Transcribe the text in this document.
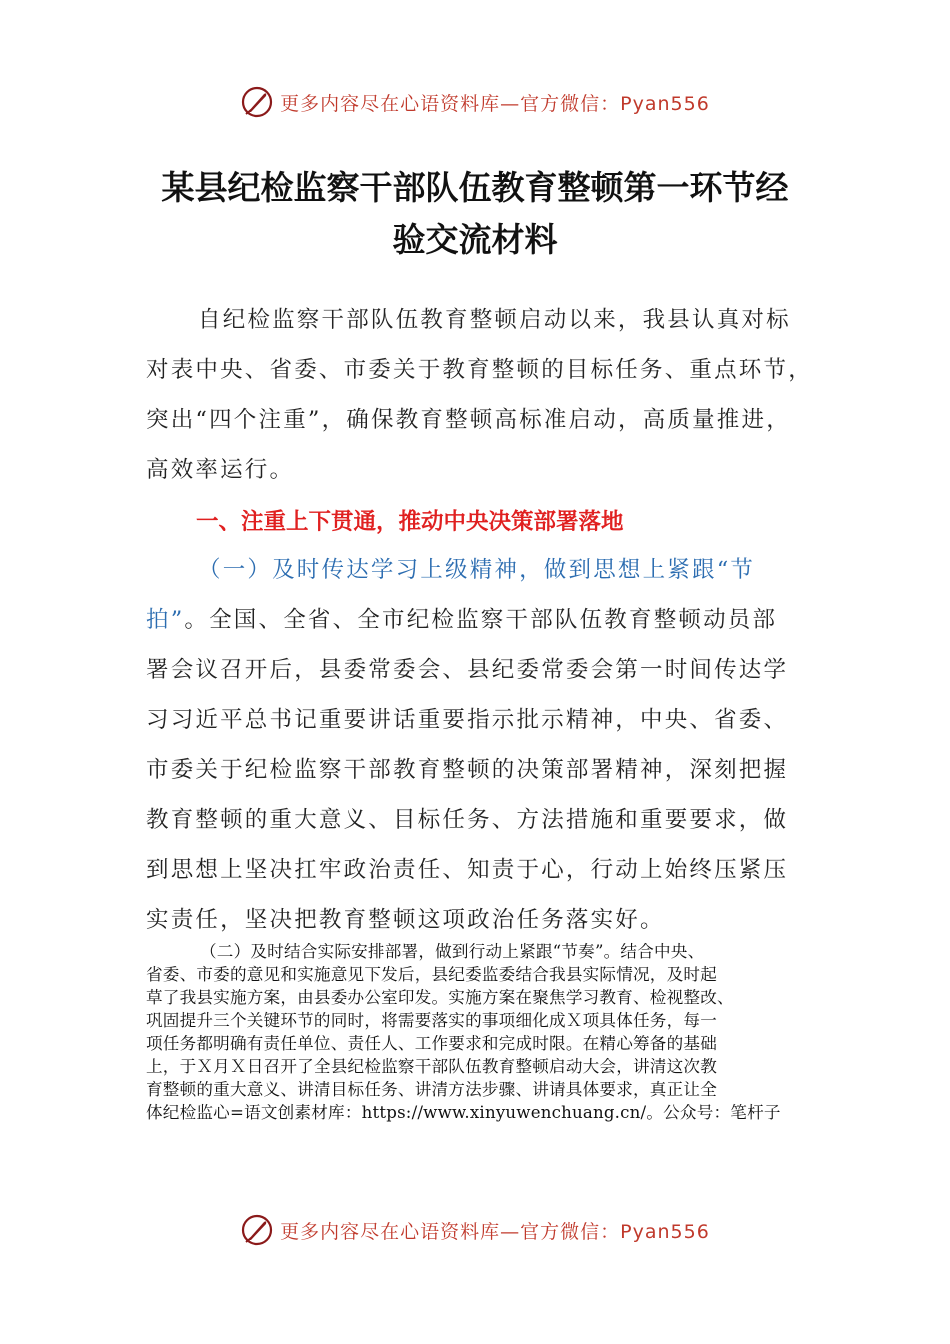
更多内容尽在心语资料库—官方微信：Pyan556
某县纪检监察干部队伍教育整顿第一环节经
验交流材料
自纪检监察干部队伍教育整顿启动以来，我县认真对标
对表中央、省委、市委关于教育整顿的目标任务、重点环节，
突出“四个注重”，确保教育整顿高标准启动，高质量推进，
高效率运行。
一、注重上下贯通，推动中央决策部署落地
（一）及时传达学习上级精神，做到思想上紧跟“节
拍”。全国、全省、全市纪检监察干部队伍教育整顿动员部
署会议召开后，县委常委会、县纪委常委会第一时间传达学
习习近平总书记重要讲话重要指示批示精神，中央、省委、
市委关于纪检监察干部教育整顿的决策部署精神，深刻把握
教育整顿的重大意义、目标任务、方法措施和重要要求，做
到思想上坚决扛牢政治责任、知责于心，行动上始终压紧压
实责任，坚决把教育整顿这项政治任务落实好。
（二）及时结合实际安排部署，做到行动上紧跟“节奏”。结合中央、
省委、市委的意见和实施意见下发后，县纪委监委结合我县实际情况，及时起
草了我县实施方案，由县委办公室印发。实施方案在聚焦学习教育、检视整改、
巩固提升三个关键环节的同时，将需要落实的事项细化成Ｘ项具体任务，每一
项任务都明确有责任单位、责任人、工作要求和完成时限。在精心筹备的基础
上，于Ｘ月Ｘ日召开了全县纪检监察干部队伍教育整顿启动大会，讲清这次教
育整顿的重大意义、讲清目标任务、讲清方法步骤、讲请具体要求，真正让全
体纪检监心=语文创素材库：https://www.xinyuwenchuang.cn/。公众号：笔杆子
更多内容尽在心语资料库—官方微信：Pyan556
